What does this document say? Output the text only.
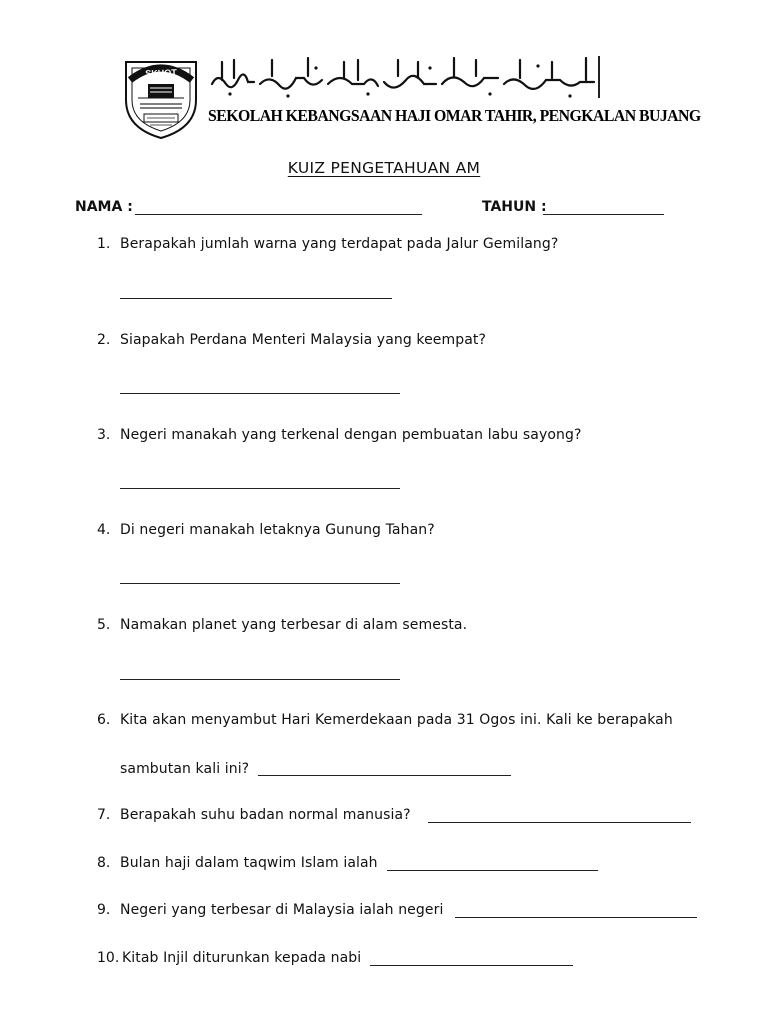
SKHOT
SEKOLAH KEBANGSAAN HAJI OMAR TAHIR, PENGKALAN BUJANG
KUIZ PENGETAHUAN AM
NAMA :	TAHUN :
1. Berapakah jumlah warna yang terdapat pada Jalur Gemilang?
2. Siapakah Perdana Menteri Malaysia yang keempat?
3. Negeri manakah yang terkenal dengan pembuatan labu sayong?
4. Di negeri manakah letaknya Gunung Tahan?
5. Namakan planet yang terbesar di alam semesta.
6. Kita akan menyambut Hari Kemerdekaan pada 31 Ogos ini. Kali ke berapakah
sambutan kali ini?
7. Berapakah suhu badan normal manusia?
8. Bulan haji dalam taqwim Islam ialah
9. Negeri yang terbesar di Malaysia ialah negeri
10. Kitab Injil diturunkan kepada nabi
